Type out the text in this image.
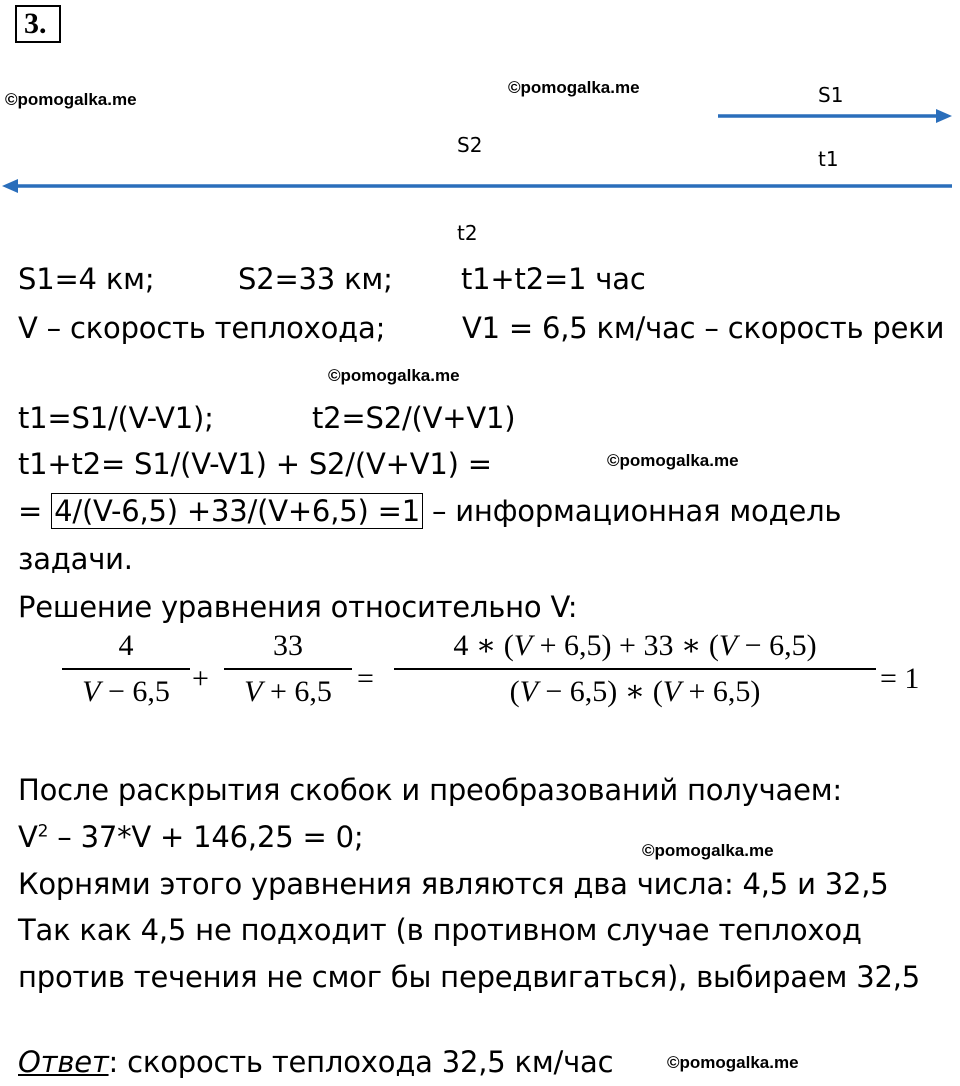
3.
©pomogalka.me
©pomogalka.me
©pomogalka.me
©pomogalka.me
©pomogalka.me
©pomogalka.me
S1
t1
S2
t2
S1=4 км;	S2=33 км; t1+t2=1 час
V – скорость теплохода;	V1 = 6,5 км/час – скорость реки
t1=S1/(V-V1);	t2=S2/(V+V1)
t1+t2= S1/(V-V1) + S2/(V+V1) =
= 4/(V-6,5) +33/(V+6,5) =1 – информационная модель
задачи.
Решение уравнения относительно V:
4
V − 6,5 +
33
V + 6,5 =
4 ∗ (V + 6,5) + 33 ∗ (V − 6,5)
(V − 6,5) ∗ (V + 6,5)	= 1
После раскрытия скобок и преобразований получаем:
$V^2 - 37*V + 146,25 = 0$;
Корнями этого уравнения являются два числа: 4,5 и 32,5
Так как 4,5 не подходит (в противном случае теплоход
против течения не смог бы передвигаться), выбираем 32,5
Ответ: скорость теплохода 32,5 км/час
